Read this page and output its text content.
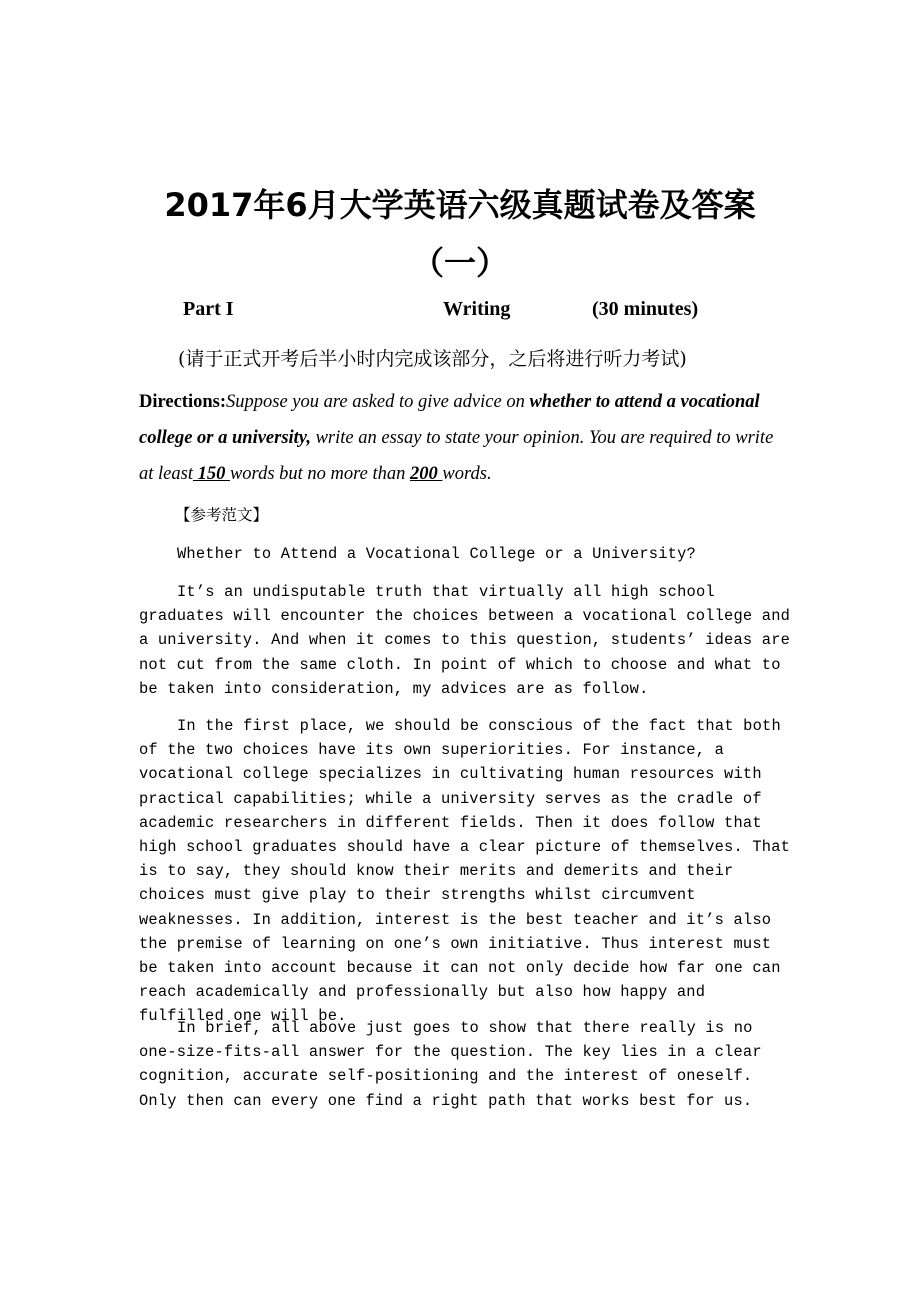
2017年6月大学英语六级真题试卷及答案
（一）
Part I	Writing	(30 minutes)
(请于正式开考后半小时内完成该部分，之后将进行听力考试)
Directions:Suppose you are asked to give advice on whether to attend a vocational college or a university, write an essay to state your opinion. You are required to write at least 150 words but no more than 200 words.
【参考范文】
Whether to Attend a Vocational College or a University?

It’s an undisputable truth that virtually all high school graduates will encounter the choices between a vocational college and a university. And when it comes to this question, students’ ideas are not cut from the same cloth. In point of which to choose and what to be taken into consideration, my advices are as follow.

In the first place, we should be conscious of the fact that both of the two choices have its own superiorities. For instance, a vocational college specializes in cultivating human resources with practical capabilities; while a university serves as the cradle of academic researchers in different fields. Then it does follow that high school graduates should have a clear picture of themselves. That is to say, they should know their merits and demerits and their choices must give play to their strengths whilst circumvent weaknesses. In addition, interest is the best teacher and it’s also the premise of learning on one’s own initiative. Thus interest must be taken into account because it can not only decide how far one can reach academically and professionally but also how happy and fulfilled one will be.

In brief, all above just goes to show that there really is no one-size-fits-all answer for the question. The key lies in a clear cognition, accurate self-positioning and the interest of oneself. Only then can every one find a right path that works best for us.
